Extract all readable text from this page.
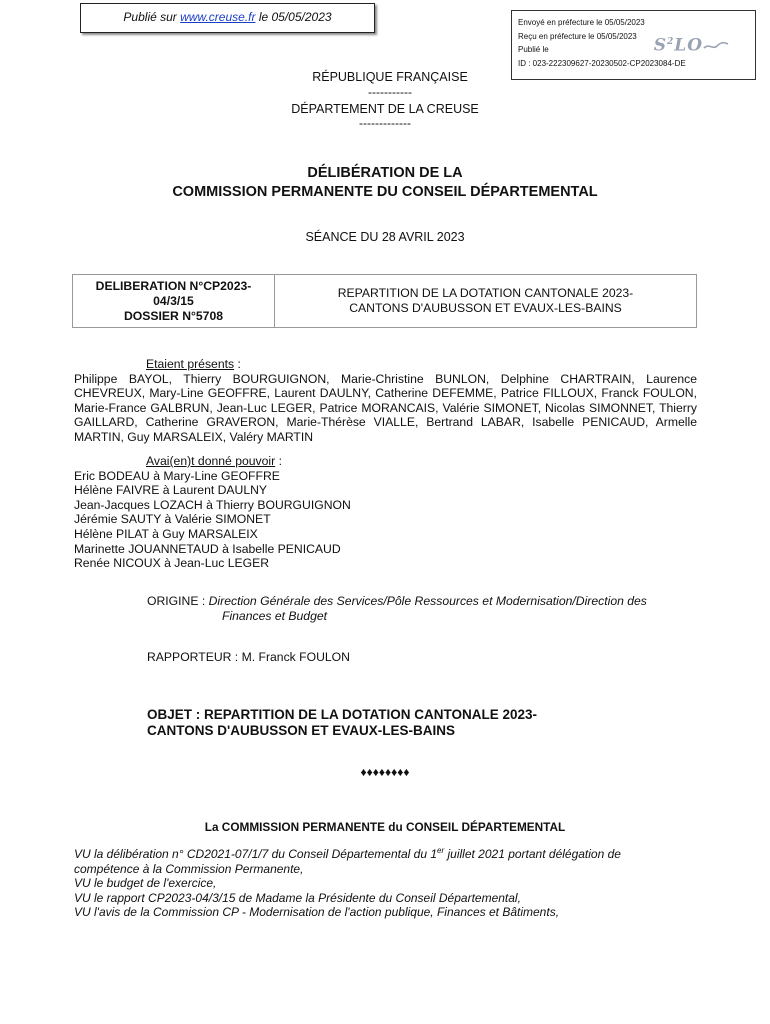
Publié sur www.creuse.fr le 05/05/2023	Envoyé en préfecture le 05/05/2023
Reçu en préfecture le 05/05/2023
Publié le
ID : 023-222309627-20230502-CP2023084-DE
$S^2LO$
RÉPUBLIQUE FRANÇAISE
-----------
DÉPARTEMENT DE LA CREUSE
-------------
DÉLIBÉRATION DE LA
COMMISSION PERMANENTE DU CONSEIL DÉPARTEMENTAL
SÉANCE DU 28 AVRIL 2023
DELIBERATION N°CP2023-
04/3/15
DOSSIER N°5708

REPARTITION DE LA DOTATION CANTONALE 2023-
CANTONS D'AUBUSSON ET EVAUX-LES-BAINS
Etaient présents :
Philippe BAYOL, Thierry BOURGUIGNON, Marie-Christine BUNLON, Delphine CHARTRAIN, Laurence CHEVREUX, Mary-Line GEOFFRE, Laurent DAULNY, Catherine DEFEMME, Patrice FILLOUX, Franck FOULON, Marie-France GALBRUN, Jean-Luc LEGER, Patrice MORANCAIS, Valérie SIMONET, Nicolas SIMONNET, Thierry GAILLARD, Catherine GRAVERON, Marie-Thérèse VIALLE, Bertrand LABAR, Isabelle PENICAUD, Armelle MARTIN, Guy MARSALEIX, Valéry MARTIN
Avai(en)t donné pouvoir :
Eric BODEAU à Mary-Line GEOFFRE
Hélène FAIVRE à Laurent DAULNY
Jean-Jacques LOZACH à Thierry BOURGUIGNON
Jérémie SAUTY à Valérie SIMONET
Hélène PILAT à Guy MARSALEIX
Marinette JOUANNETAUD à Isabelle PENICAUD
Renée NICOUX à Jean-Luc LEGER
ORIGINE : Direction Générale des Services/Pôle Ressources et Modernisation/Direction des
Finances et Budget
RAPPORTEUR : M. Franck FOULON
OBJET : REPARTITION DE LA DOTATION CANTONALE 2023-
CANTONS D'AUBUSSON ET EVAUX-LES-BAINS
♦♦♦♦♦♦♦♦
La COMMISSION PERMANENTE du CONSEIL DÉPARTEMENTAL
VU la délibération n° CD2021-07/1/7 du Conseil Départemental du 1er juillet 2021 portant délégation de
compétence à la Commission Permanente,
VU le budget de l'exercice,
VU le rapport CP2023-04/3/15 de Madame la Présidente du Conseil Départemental,
VU l'avis de la Commission CP - Modernisation de l'action publique, Finances et Bâtiments,
